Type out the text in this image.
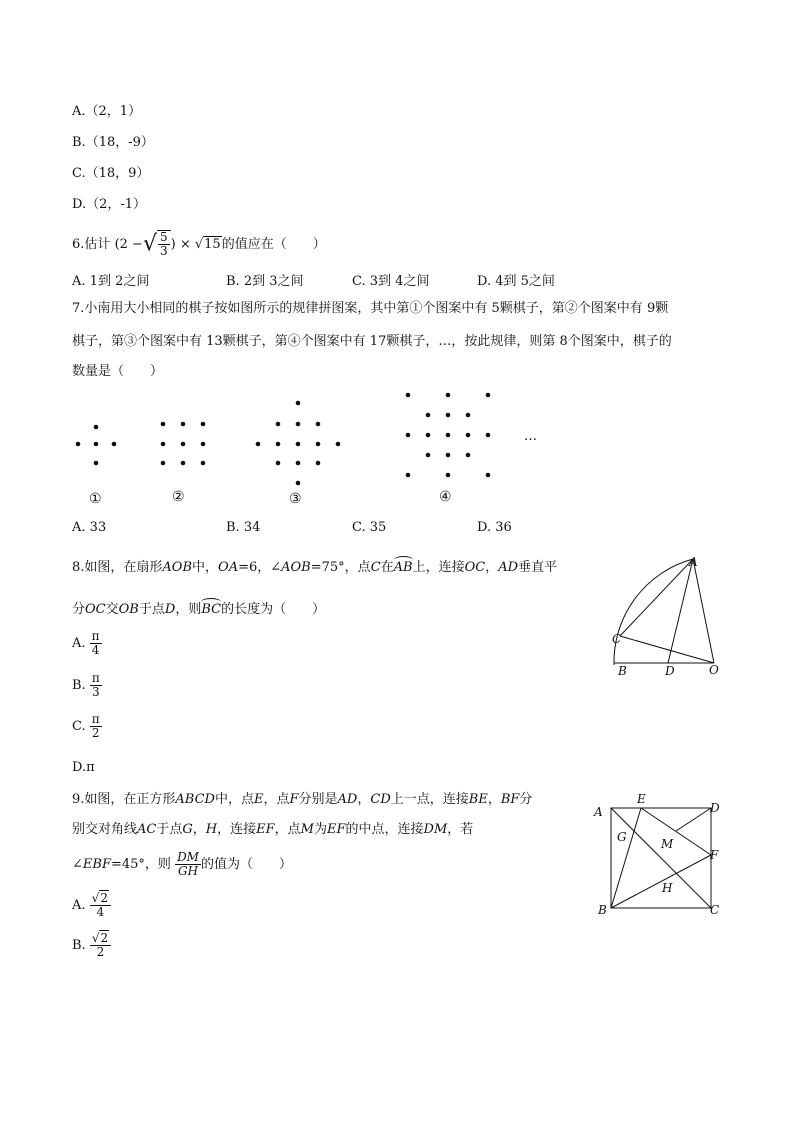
A.（2，1）
B.（18，-9）
C.（18，9）
D.（2，-1）
6.估计 (2 −√ $\frac{5}{3}$ ) × √15的值应在（　　）
A. 1到 2之间	B. 2到 3之间	C. 3到 4之间	D. 4到 5之间
7.小南用大小相同的棋子按如图所示的规律拼图案，其中第①个图案中有 5颗棋子，第②个图案中有 9颗
棋子，第③个图案中有 13颗棋子，第④个图案中有 17颗棋子，…，按此规律，则第 8个图案中，棋子的
数量是（　　）
…
①	②	③	④
A. 33	B. 34	C. 35	D. 36
8.如图，在扇形AOB中，OA=6，∠AOB=75°，点C在AB上，连接OC，AD垂直平
分OC交OB于点D，则BC的长度为（　　）
A. $\frac{\pi}{4}$
B. $\frac{\pi}{3}$
C. $\frac{\pi}{2}$
D.π
A
C
B	D	O
9.如图，在正方形ABCD中，点E，点F分别是AD，CD上一点，连接BE，BF分
别交对角线AC于点G，H，连接EF，点M为EF的中点，连接DM，若
∠EBF=45°，则 $\frac{DM}{GH}$ 的值为（　　）
A. $\frac{√2}{4}$
B. $\frac{√2}{2}$
A
E
D
G	M
F
H
B	C
